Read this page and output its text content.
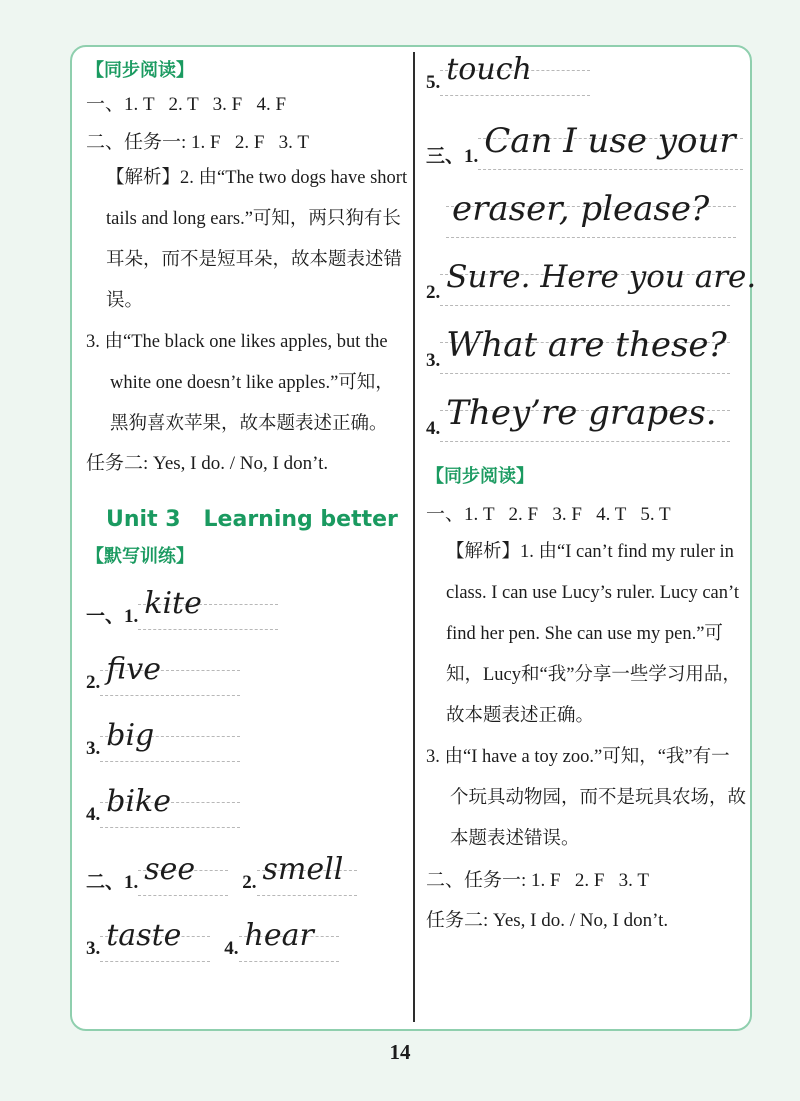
【同步阅读】
一、1. T   2. T   3. F   4. F
二、任务一: 1. F   2. F   3. T
【解析】2. 由“The two dogs have short tails and long ears.”可知，两只狗有长耳朵，而不是短耳朵，故本题表述错误。
3. 由“The black one likes apples, but the white one doesn’t like apples.”可知，黑狗喜欢苹果，故本题表述正确。
任务二: Yes, I do. / No, I don’t.
Unit 3   Learning better
【默写训练】
一、1. kite
2. five
3. big
4. bike
二、1. see	2. smell
3. taste	4. hear
5. touch
三、1. Can I use your
eraser, please?
2. Sure. Here you are.
3. What are these?
4. They’re grapes.
【同步阅读】
一、1. T   2. F   3. F   4. T   5. T
【解析】1. 由“I can’t find my ruler in class. I can use Lucy’s ruler. Lucy can’t find her pen. She can use my pen.”可知，Lucy和“我”分享一些学习用品，故本题表述正确。
3. 由“I have a toy zoo.”可知，“我”有一个玩具动物园，而不是玩具农场，故本题表述错误。
二、任务一: 1. F   2. F   3. T
任务二: Yes, I do. / No, I don’t.
14
